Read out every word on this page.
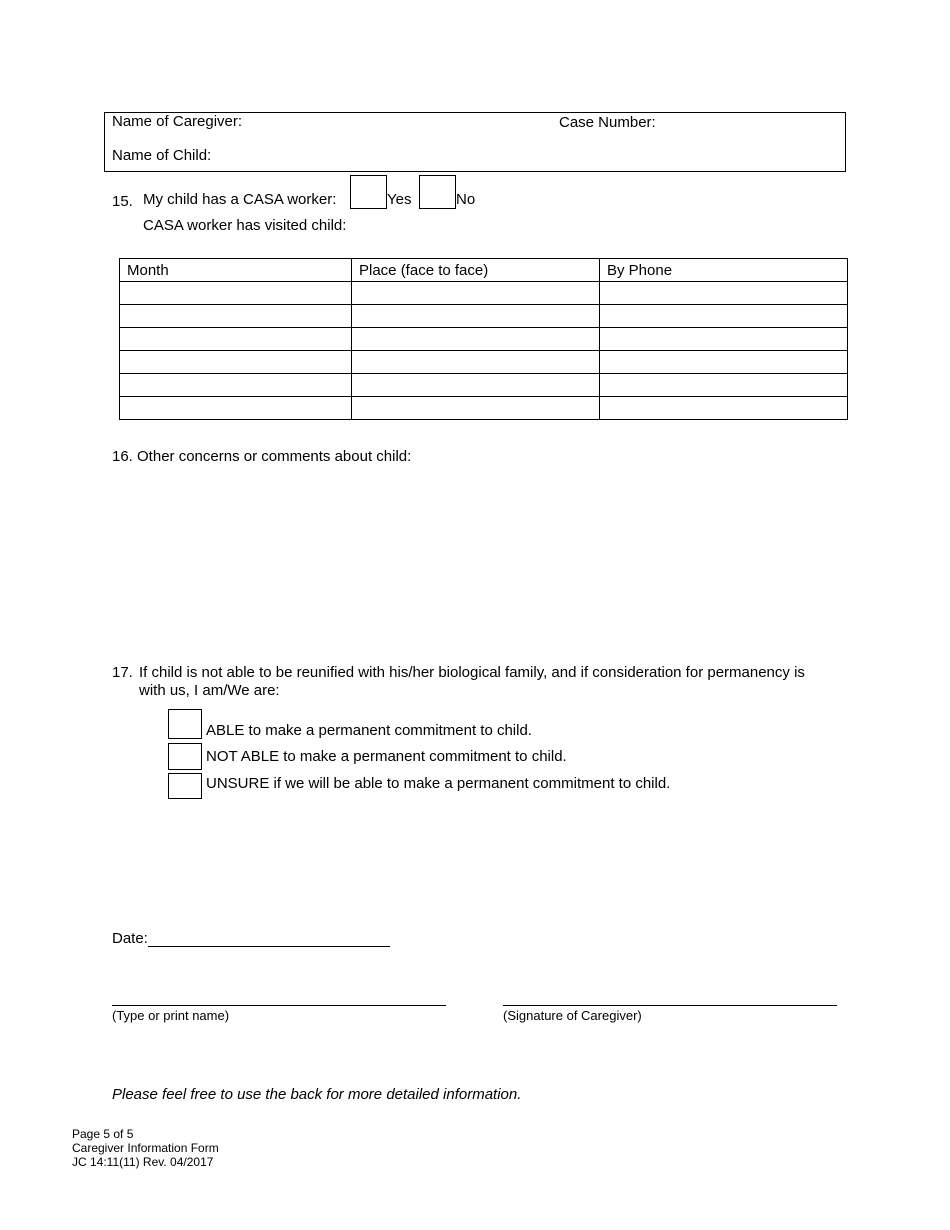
Name of Caregiver:	Case Number:
Name of Child:
15. My child has a CASA worker:	Yes	No
CASA worker has visited child:
Month	Place (face to face)	By Phone

16. Other concerns or comments about child:
17. If child is not able to be reunified with his/her biological family, and if consideration for permanency is
with us, I am/We are:
ABLE to make a permanent commitment to child.
NOT ABLE to make a permanent commitment to child.
UNSURE if we will be able to make a permanent commitment to child.
Date:
(Type or print name)	(Signature of Caregiver)
Please feel free to use the back for more detailed information.
Page 5 of 5
Caregiver Information Form
JC 14:11(11) Rev. 04/2017
